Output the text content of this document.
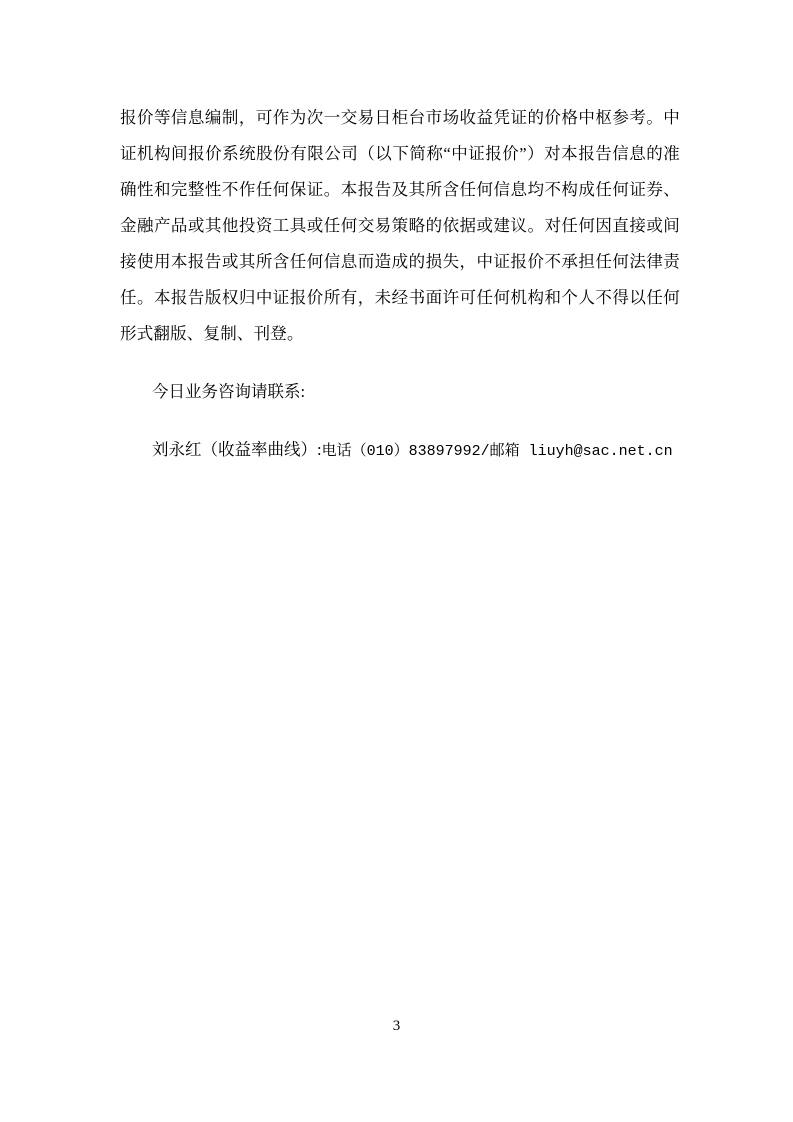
报价等信息编制，可作为次一交易日柜台市场收益凭证的价格中枢参考。中证机构间报价系统股份有限公司（以下简称“中证报价”）对本报告信息的准确性和完整性不作任何保证。本报告及其所含任何信息均不构成任何证券、金融产品或其他投资工具或任何交易策略的依据或建议。对任何因直接或间接使用本报告或其所含任何信息而造成的损失，中证报价不承担任何法律责任。本报告版权归中证报价所有，未经书面许可任何机构和个人不得以任何形式翻版、复制、刊登。

今日业务咨询请联系:

刘永红（收益率曲线）:电话（010）83897992/邮箱 liuyh@sac.net.cn

3
